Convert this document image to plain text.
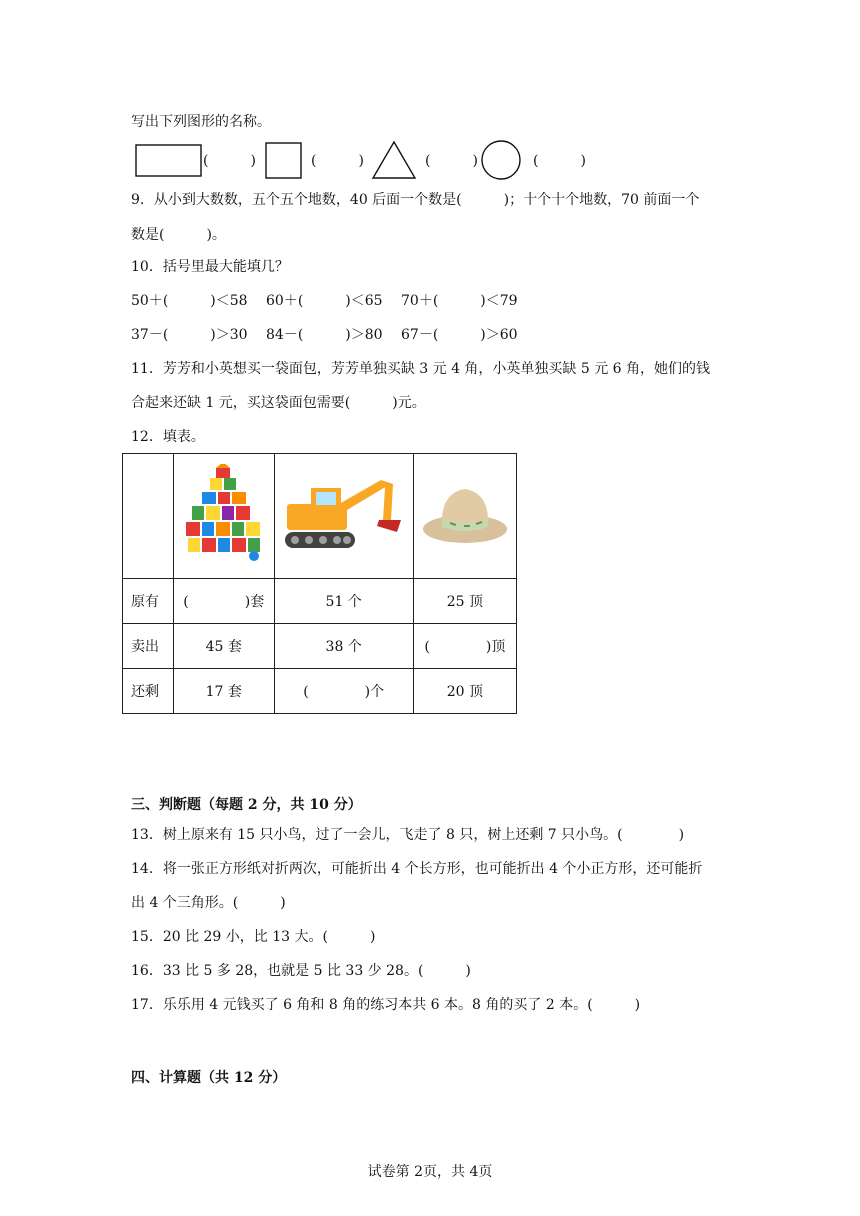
写出下列图形的名称。
(　　　)	(　　　)	(　　　)	(　　　)
9．从小到大数数，五个五个地数，40 后面一个数是(　　　)；十个十个地数，70 前面一个
数是(　　　)。
10．括号里最大能填几？
50＋(　　　)＜58　 60＋(　　　)＜65　 70＋(　　　)＜79
37－(　　　)＞30　 84－(　　　)＞80　 67－(　　　)＞60
11．芳芳和小英想买一袋面包，芳芳单独买缺 3 元 4 角，小英单独买缺 5 元 6 角，她们的钱
合起来还缺 1 元，买这袋面包需要(　　　)元。
12．填表。

原有	(　　　　)套	51 个	25 顶
卖出	45 套	38 个	(　　　　)顶
还剩	17 套	(　　　　)个	20 顶
三、判断题（每题 2 分，共 10 分）
13．树上原来有 15 只小鸟，过了一会儿，飞走了 8 只，树上还剩 7 只小鸟。(　　　　)
14．将一张正方形纸对折两次，可能折出 4 个长方形，也可能折出 4 个小正方形，还可能折
出 4 个三角形。(　　　)
15．20 比 29 小，比 13 大。(　　　)
16．33 比 5 多 28，也就是 5 比 33 少 28。(　　　)
17．乐乐用 4 元钱买了 6 角和 8 角的练习本共 6 本。8 角的买了 2 本。(　　　)
四、计算题（共 12 分）
试卷第 2页，共 4页
